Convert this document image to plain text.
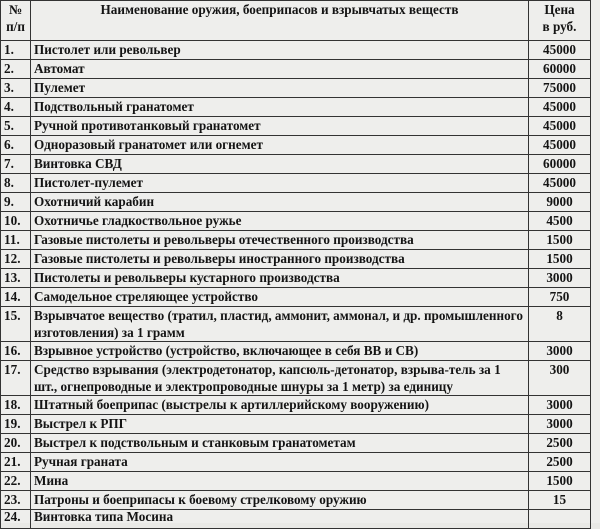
№
п/п	Наименование оружия, боеприпасов и взрывчатых веществ	Цена
в руб.
1.	Пистолет или револьвер	45000
2.	Автомат	60000
3.	Пулемет	75000
4.	Подствольный гранатомет	45000
5.	Ручной противотанковый гранатомет	45000
6.	Одноразовый гранатомет или огнемет	45000
7.	Винтовка СВД	60000
8.	Пистолет-пулемет	45000
9.	Охотничий карабин	9000
10.	Охотничье гладкоствольное ружье	4500
11.	Газовые пистолеты и револьверы отечественного производства	1500
12.	Газовые пистолеты и револьверы иностранного производства	1500
13.	Пистолеты и револьверы кустарного производства	3000
14.	Самодельное стреляющее устройство	750
15.	Взрывчатое вещество (тратил, пластид, аммонит, аммонал, и др. промышленного изготовления) за 1 грамм	8
16.	Взрывное устройство (устройство, включающее в себя ВВ и СВ)	3000
17.	Средство взрывания (электродетонатор, капсюль-детонатор, взрыва-тель за 1 шт., огнепроводные и электропроводные шнуры за 1 метр) за единицу	300
18.	Штатный боеприпас (выстрелы к артиллерийскому вооружению)	3000
19.	Выстрел к РПГ	3000
20.	Выстрел к подствольным и станковым гранатометам	2500
21.	Ручная граната	2500
22.	Мина	1500
23.	Патроны и боеприпасы к боевому стрелковому оружию	15
24.	Винтовка типа Мосина	
